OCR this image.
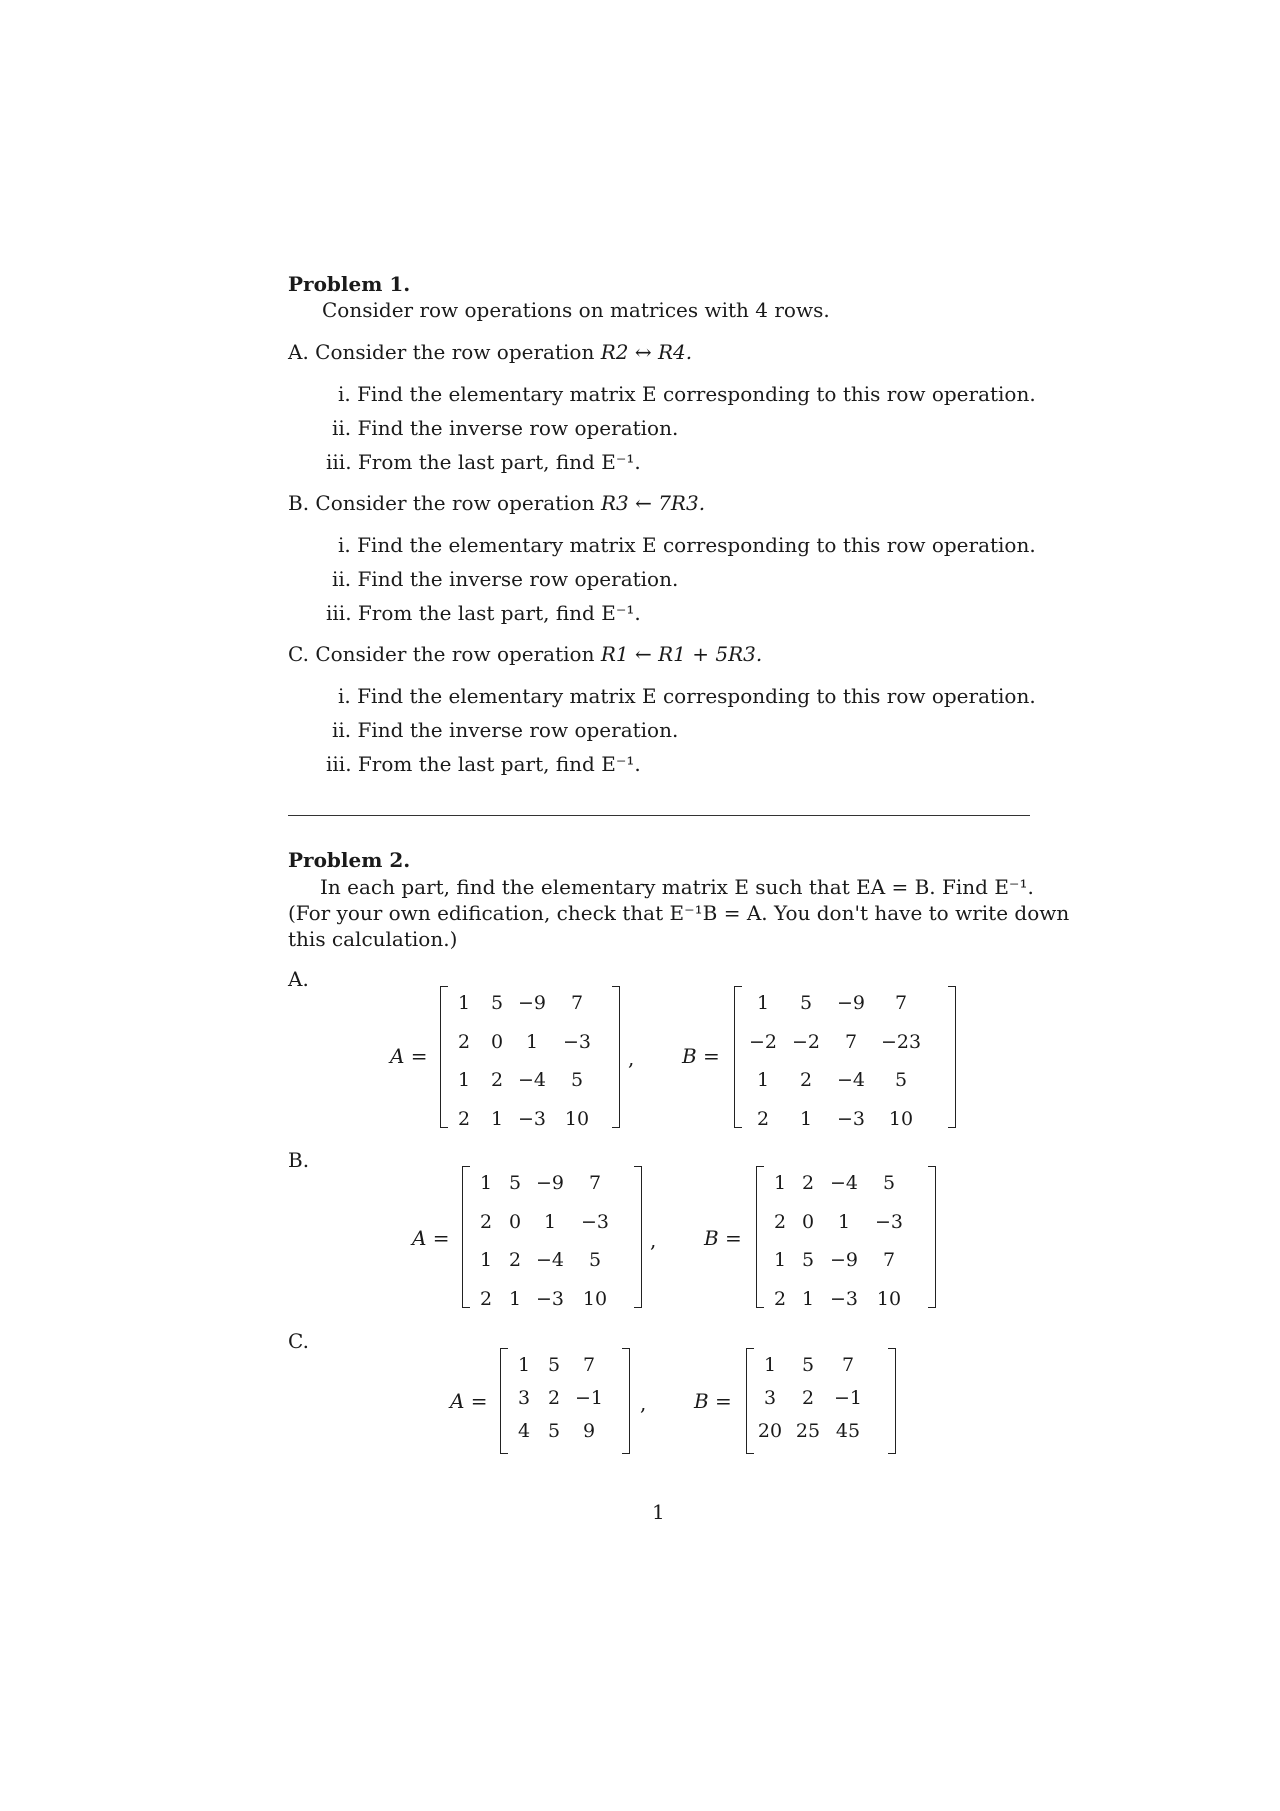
Problem 1.
Consider row operations on matrices with 4 rows.
A. Consider the row operation R2 ↔ R4.
i. Find the elementary matrix E corresponding to this row operation.
ii. Find the inverse row operation.
iii. From the last part, find E⁻¹.
B. Consider the row operation R3 ← 7R3.
i. Find the elementary matrix E corresponding to this row operation.
ii. Find the inverse row operation.
iii. From the last part, find E⁻¹.
C. Consider the row operation R1 ← R1 + 5R3.
i. Find the elementary matrix E corresponding to this row operation.
ii. Find the inverse row operation.
iii. From the last part, find E⁻¹.
Problem 2.
In each part, find the elementary matrix E such that EA = B. Find E⁻¹.
(For your own edification, check that E⁻¹B = A. You don't have to write down
this calculation.)
A.
A =
1 5 −9 7
2 0 1 −3
1 2 −4 5
2 1 −3 10
, B =
1 5 −9 7
−2 −2 7 −23
1 2 −4 5
2 1 −3 10
B.
A =
1 5 −9 7
2 0 1 −3
1 2 −4 5
2 1 −3 10
, B =
1 2 −4 5
2 0 1 −3
1 5 −9 7
2 1 −3 10
C.
A =
1 5 7
3 2 −1
4 5 9
, B =
1 5 7
3 2 −1
20 25 45
1
